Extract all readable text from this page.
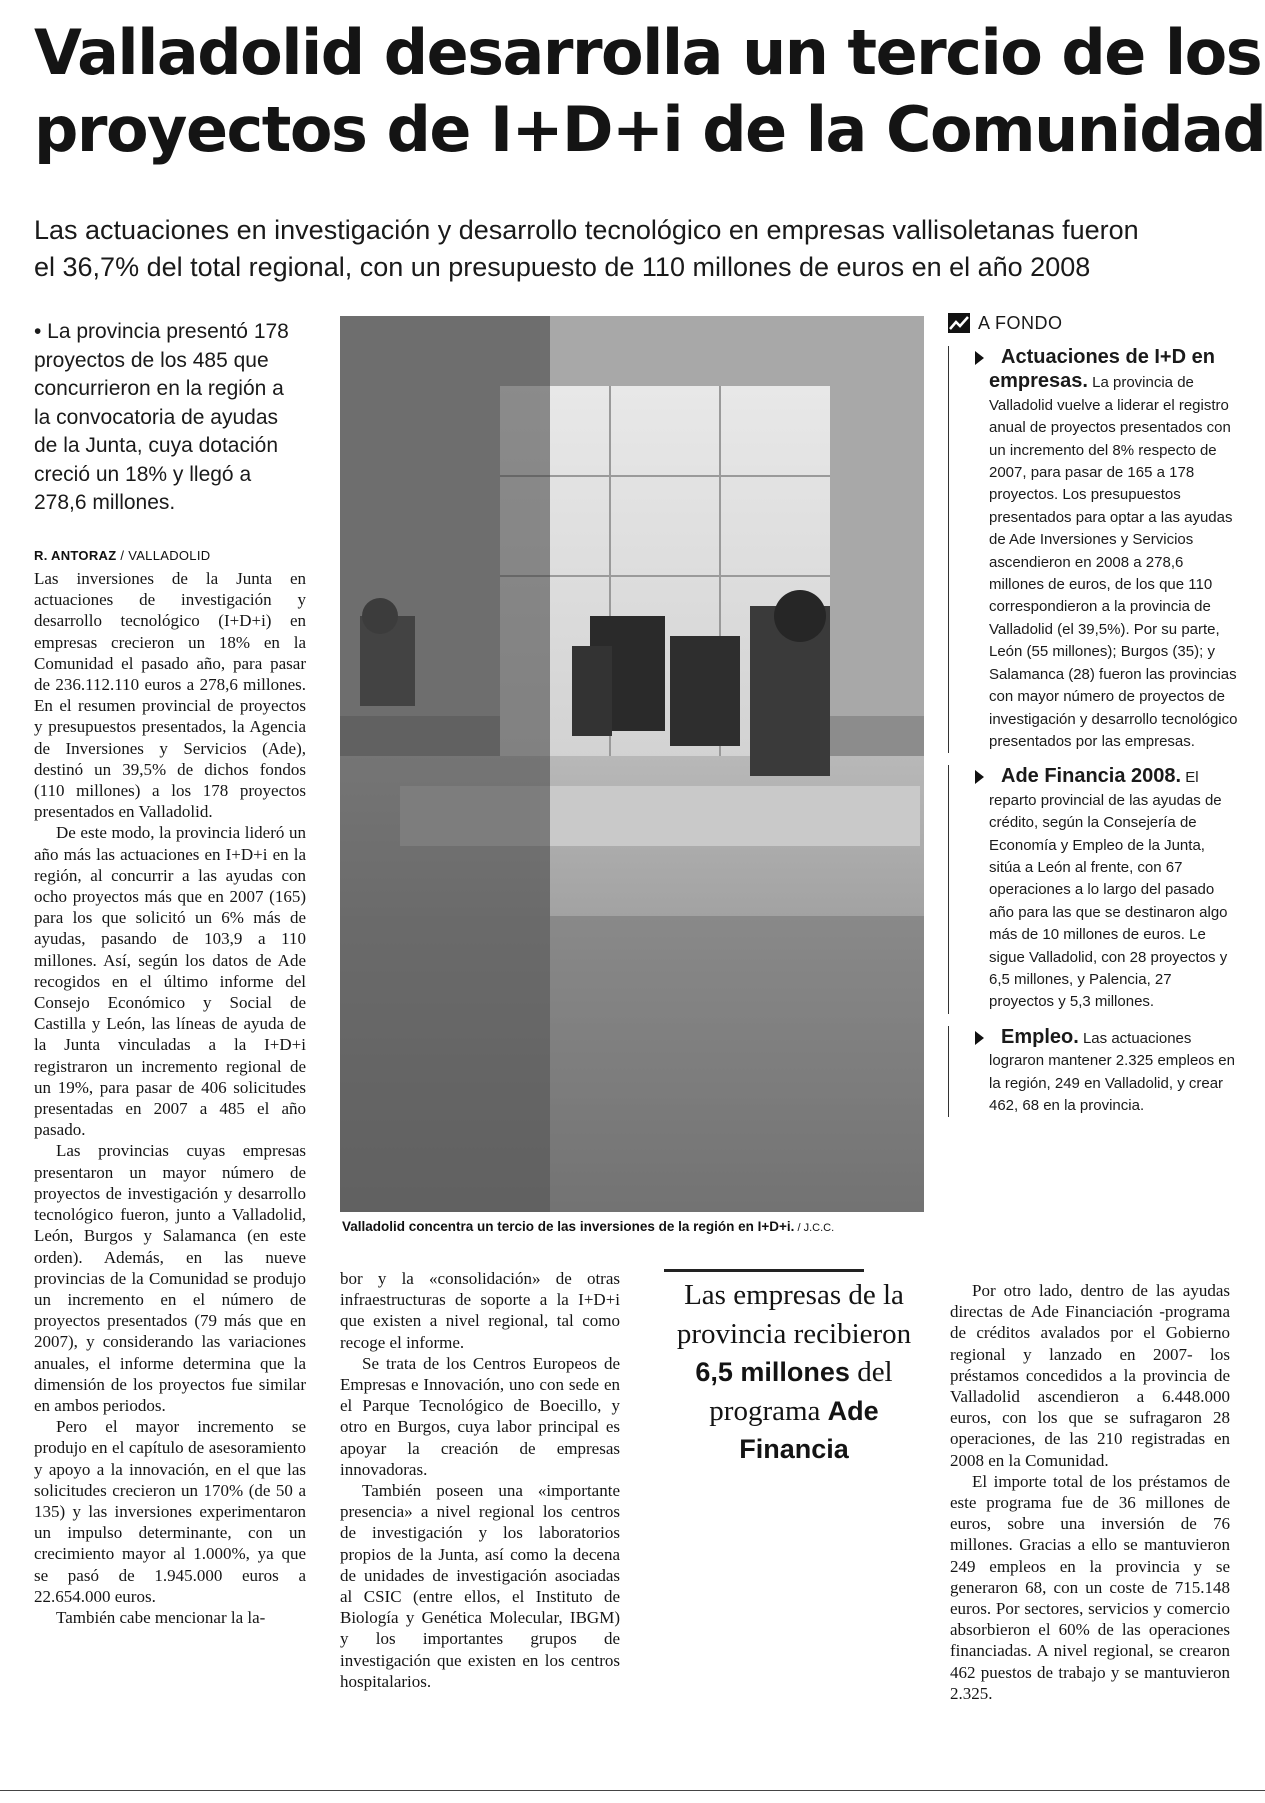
Valladolid desarrolla un tercio de los
proyectos de I+D+i de la Comunidad
Las actuaciones en investigación y desarrollo tecnológico en empresas vallisoletanas fueron
el 36,7% del total regional, con un presupuesto de 110 millones de euros en el año 2008
• La provincia presentó 178 proyectos de los 485 que concurrieron en la región a la convocatoria de ayudas de la Junta, cuya dotación creció un 18% y llegó a 278,6 millones.
R. ANTORAZ / VALLADOLID

Las inversiones de la Junta en actuaciones de investigación y desarrollo tecnológico (I+D+i) en empresas crecieron un 18% en la Comunidad el pasado año, para pasar de 236.112.110 euros a 278,6 millones. En el resumen provincial de proyectos y presupuestos presentados, la Agencia de Inversiones y Servicios (Ade), destinó un 39,5% de dichos fondos (110 millones) a los 178 proyectos presentados en Valladolid.

De este modo, la provincia lideró un año más las actuaciones en I+D+i en la región, al concurrir a las ayudas con ocho proyectos más que en 2007 (165) para los que solicitó un 6% más de ayudas, pasando de 103,9 a 110 millones. Así, según los datos de Ade recogidos en el último informe del Consejo Económico y Social de Castilla y León, las líneas de ayuda de la Junta vinculadas a la I+D+i registraron un incremento regional de un 19%, para pasar de 406 solicitudes presentadas en 2007 a 485 el año pasado.

Las provincias cuyas empresas presentaron un mayor número de proyectos de investigación y desarrollo tecnológico fueron, junto a Valladolid, León, Burgos y Salamanca (en este orden). Además, en las nueve provincias de la Comunidad se produjo un incremento en el número de proyectos presentados (79 más que en 2007), y considerando las variaciones anuales, el informe determina que la dimensión de los proyectos fue similar en ambos periodos.

Pero el mayor incremento se produjo en el capítulo de asesoramiento y apoyo a la innovación, en el que las solicitudes crecieron un 170% (de 50 a 135) y las inversiones experimentaron un impulso determinante, con un crecimiento mayor al 1.000%, ya que se pasó de 1.945.000 euros a 22.654.000 euros.

También cabe mencionar la la-

Valladolid concentra un tercio de las inversiones de la región en I+D+i. / J.C.C.
A FONDO

Actuaciones de I+D en empresas. La provincia de Valladolid vuelve a liderar el registro anual de proyectos presentados con un incremento del 8% respecto de 2007, para pasar de 165 a 178 proyectos. Los presupuestos presentados para optar a las ayudas de Ade Inversiones y Servicios ascendieron en 2008 a 278,6 millones de euros, de los que 110 correspondieron a la provincia de Valladolid (el 39,5%). Por su parte, León (55 millones); Burgos (35); y Salamanca (28) fueron las provincias con mayor número de proyectos de investigación y desarrollo tecnológico presentados por las empresas.

Ade Financia 2008. El reparto provincial de las ayudas de crédito, según la Consejería de Economía y Empleo de la Junta, sitúa a León al frente, con 67 operaciones a lo largo del pasado año para las que se destinaron algo más de 10 millones de euros. Le sigue Valladolid, con 28 proyectos y 6,5 millones, y Palencia, 27 proyectos y 5,3 millones.

Empleo. Las actuaciones lograron mantener 2.325 empleos en la región, 249 en Valladolid, y crear 462, 68 en la provincia.

bor y la «consolidación» de otras infraestructuras de soporte a la I+D+i que existen a nivel regional, tal como recoge el informe.

Se trata de los Centros Europeos de Empresas e Innovación, uno con sede en el Parque Tecnológico de Boecillo, y otro en Burgos, cuya labor principal es apoyar la creación de empresas innovadoras.

También poseen una «importante presencia» a nivel regional los centros de investigación y los laboratorios propios de la Junta, así como la decena de unidades de investigación asociadas al CSIC (entre ellos, el Instituto de Biología y Genética Molecular, IBGM) y los importantes grupos de investigación que existen en los centros hospitalarios.

Las empresas de la provincia recibieron 6,5 millones del programa Ade Financia

Por otro lado, dentro de las ayudas directas de Ade Financiación -programa de créditos avalados por el Gobierno regional y lanzado en 2007- los préstamos concedidos a la provincia de Valladolid ascendieron a 6.448.000 euros, con los que se sufragaron 28 operaciones, de las 210 registradas en 2008 en la Comunidad.

El importe total de los préstamos de este programa fue de 36 millones de euros, sobre una inversión de 76 millones. Gracias a ello se mantuvieron 249 empleos en la provincia y se generaron 68, con un coste de 715.148 euros. Por sectores, servicios y comercio absorbieron el 60% de las operaciones financiadas. A nivel regional, se crearon 462 puestos de trabajo y se mantuvieron 2.325.
